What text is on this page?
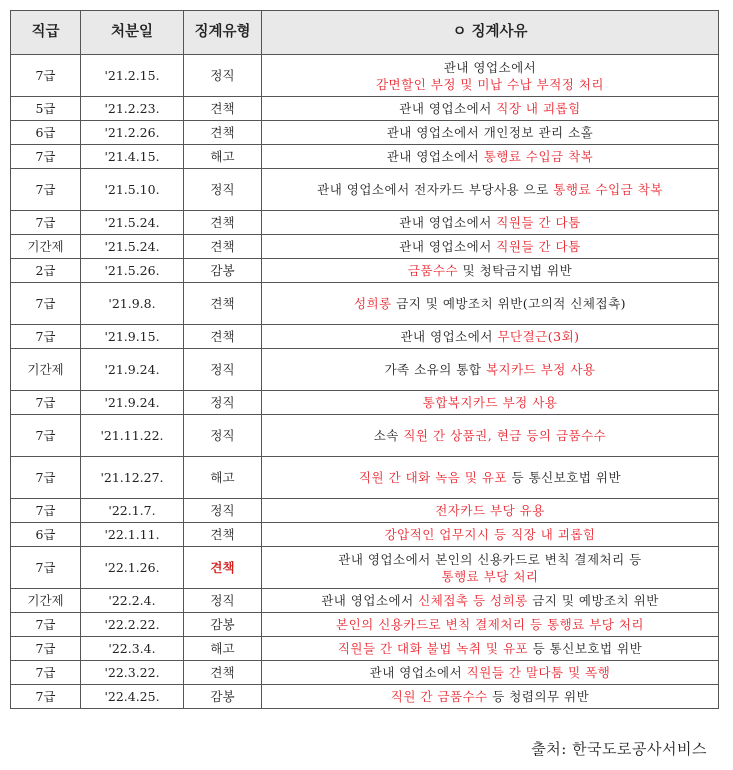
직급	처분일	징계유형	ㅇ 징계사유
7급	'21.2.15.	정직	관내 영업소에서
감면할인 부정 및 미납 수납 부적정 처리
5급	'21.2.23.	견책	관내 영업소에서 직장 내 괴롭힘
6급	'21.2.26.	견책	관내 영업소에서 개인정보 관리 소홀
7급	'21.4.15.	해고	관내 영업소에서 통행료 수입금 착복
7급	'21.5.10.	정직	관내 영업소에서 전자카드 부당사용 으로 통행료 수입금 착복
7급	'21.5.24.	견책	관내 영업소에서 직원들 간 다툼
기간제	'21.5.24.	견책	관내 영업소에서 직원들 간 다툼
2급	'21.5.26.	감봉	금품수수 및 청탁금지법 위반
7급	'21.9.8.	견책	성희롱 금지 및 예방조치 위반(고의적 신체접촉)
7급	'21.9.15.	견책	관내 영업소에서 무단결근(3회)
기간제	'21.9.24.	정직	가족 소유의 통합 복지카드 부정 사용
7급	'21.9.24.	정직	통합복지카드 부정 사용
7급	'21.11.22.	정직	소속 직원 간 상품권, 현금 등의 금품수수
7급	'21.12.27.	해고	직원 간 대화 녹음 및 유포 등 통신보호법 위반
7급	'22.1.7.	정직	전자카드 부당 유용
6급	'22.1.11.	견책	강압적인 업무지시 등 직장 내 괴롭힘
7급	'22.1.26.	견책	관내 영업소에서 본인의 신용카드로 변칙 결제처리 등
통행료 부당 처리
기간제	'22.2.4.	정직	관내 영업소에서 신체접촉 등 성희롱 금지 및 예방조치 위반
7급	'22.2.22.	감봉	본인의 신용카드로 변칙 결제처리 등 통행료 부당 처리
7급	'22.3.4.	해고	직원들 간 대화 불법 녹취 및 유포 등 통신보호법 위반
7급	'22.3.22.	견책	관내 영업소에서 직원들 간 말다툼 및 폭행
7급	'22.4.25.	감봉	직원 간 금품수수 등 청렴의무 위반
출처: 한국도로공사서비스
